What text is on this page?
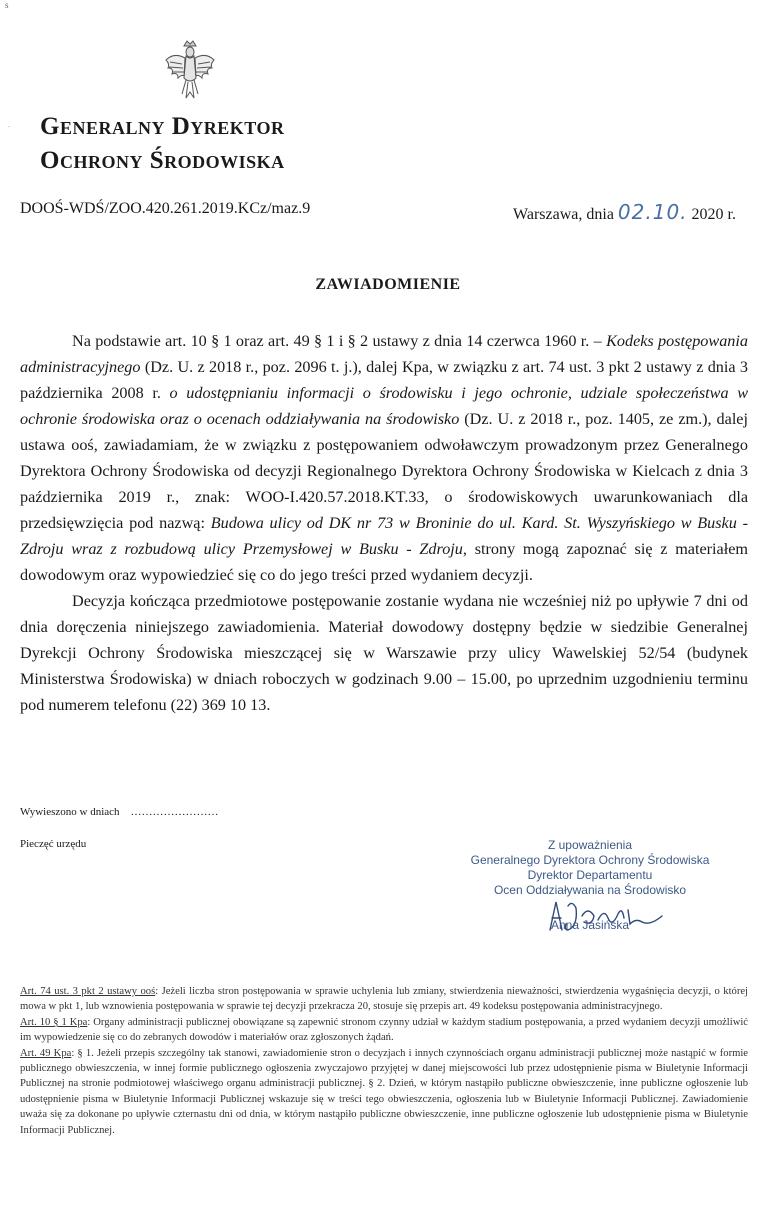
s
. Generalny Dyrektor
Ochrony Środowiska
DOOŚ-WDŚ/ZOO.420.261.2019.KCz/maz.9	Warszawa, dnia 02.10. 2020 r.
ZAWIADOMIENIE

Na podstawie art. 10 § 1 oraz art. 49 § 1 i § 2 ustawy z dnia 14 czerwca 1960 r. – Kodeks postępowania administracyjnego (Dz. U. z 2018 r., poz. 2096 t. j.), dalej Kpa, w związku z art. 74 ust. 3 pkt 2 ustawy z dnia 3 października 2008 r. o udostępnianiu informacji o środowisku i jego ochronie, udziale społeczeństwa w ochronie środowiska oraz o ocenach oddziaływania na środowisko (Dz. U. z 2018 r., poz. 1405, ze zm.), dalej ustawa ooś, zawiadamiam, że w związku z postępowaniem odwoławczym prowadzonym przez Generalnego Dyrektora Ochrony Środowiska od decyzji Regionalnego Dyrektora Ochrony Środowiska w Kielcach z dnia 3 października 2019 r., znak: WOO-I.420.57.2018.KT.33, o środowiskowych uwarunkowaniach dla przedsięwzięcia pod nazwą: Budowa ulicy od DK nr 73 w Broninie do ul. Kard. St. Wyszyńskiego w Busku - Zdroju wraz z rozbudową ulicy Przemysłowej w Busku - Zdroju, strony mogą zapoznać się z materiałem dowodowym oraz wypowiedzieć się co do jego treści przed wydaniem decyzji.

Decyzja kończąca przedmiotowe postępowanie zostanie wydana nie wcześniej niż po upływie 7 dni od dnia doręczenia niniejszego zawiadomienia. Materiał dowodowy dostępny będzie w siedzibie Generalnej Dyrekcji Ochrony Środowiska mieszczącej się w Warszawie przy ulicy Wawelskiej 52/54 (budynek Ministerstwa Środowiska) w dniach roboczych w godzinach 9.00 – 15.00, po uprzednim uzgodnieniu terminu pod numerem telefonu (22) 369 10 13.

Wywieszono w dniach ……………………
Pieczęć urzędu	Z upoważnienia
Generalnego Dyrektora Ochrony Środowiska
Dyrektor Departamentu
Ocen Oddziaływania na Środowisko
Anna Jasińska

Art. 74 ust. 3 pkt 2 ustawy ooś: Jeżeli liczba stron postępowania w sprawie uchylenia lub zmiany, stwierdzenia nieważności, stwierdzenia wygaśnięcia decyzji, o której mowa w pkt 1, lub wznowienia postępowania w sprawie tej decyzji przekracza 20, stosuje się przepis art. 49 kodeksu postępowania administracyjnego.

Art. 10 § 1 Kpa: Organy administracji publicznej obowiązane są zapewnić stronom czynny udział w każdym stadium postępowania, a przed wydaniem decyzji umożliwić im wypowiedzenie się co do zebranych dowodów i materiałów oraz zgłoszonych żądań.

Art. 49 Kpa: § 1. Jeżeli przepis szczególny tak stanowi, zawiadomienie stron o decyzjach i innych czynnościach organu administracji publicznej może nastąpić w formie publicznego obwieszczenia, w innej formie publicznego ogłoszenia zwyczajowo przyjętej w danej miejscowości lub przez udostępnienie pisma w Biuletynie Informacji Publicznej na stronie podmiotowej właściwego organu administracji publicznej. § 2. Dzień, w którym nastąpiło publiczne obwieszczenie, inne publiczne ogłoszenie lub udostępnienie pisma w Biuletynie Informacji Publicznej wskazuje się w treści tego obwieszczenia, ogłoszenia lub w Biuletynie Informacji Publicznej. Zawiadomienie uważa się za dokonane po upływie czternastu dni od dnia, w którym nastąpiło publiczne obwieszczenie, inne publiczne ogłoszenie lub udostępnienie pisma w Biuletynie Informacji Publicznej.
